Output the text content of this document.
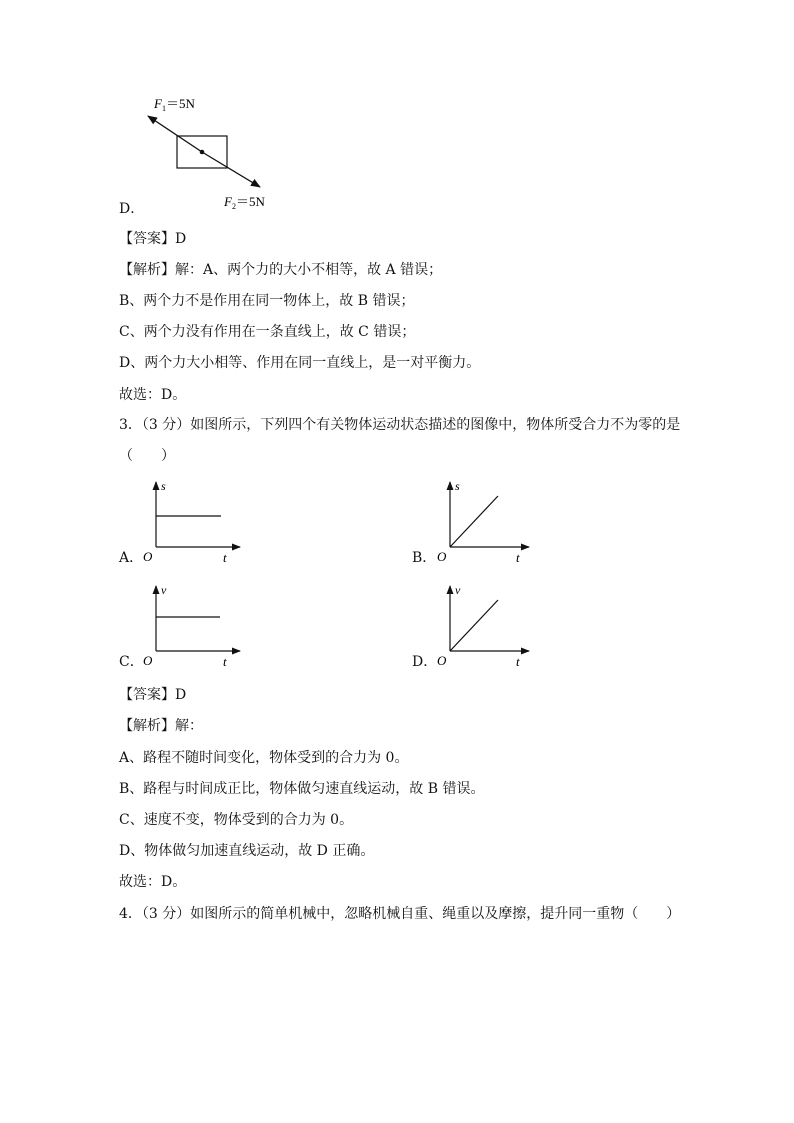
$F_1=5N$
$F_2=5N$
D．
【答案】D
【解析】解：A、两个力的大小不相等，故 A 错误；
B、两个力不是作用在同一物体上，故 B 错误；
C、两个力没有作用在一条直线上，故 C 错误；
D、两个力大小相等、作用在同一直线上，是一对平衡力。
故选：D。
3．（3 分）如图所示，下列四个有关物体运动状态描述的图像中，物体所受合力不为零的是
（　　）
A．
s
O	t	B．
s
O	t
C．
v
O	t	D．
v
O	t
【答案】D
【解析】解：
A、路程不随时间变化，物体受到的合力为 0。
B、路程与时间成正比，物体做匀速直线运动，故 B 错误。
C、速度不变，物体受到的合力为 0。
D、物体做匀加速直线运动，故 D 正确。
故选：D。
4．（3 分）如图所示的简单机械中，忽略机械自重、绳重以及摩擦，提升同一重物（　　）
